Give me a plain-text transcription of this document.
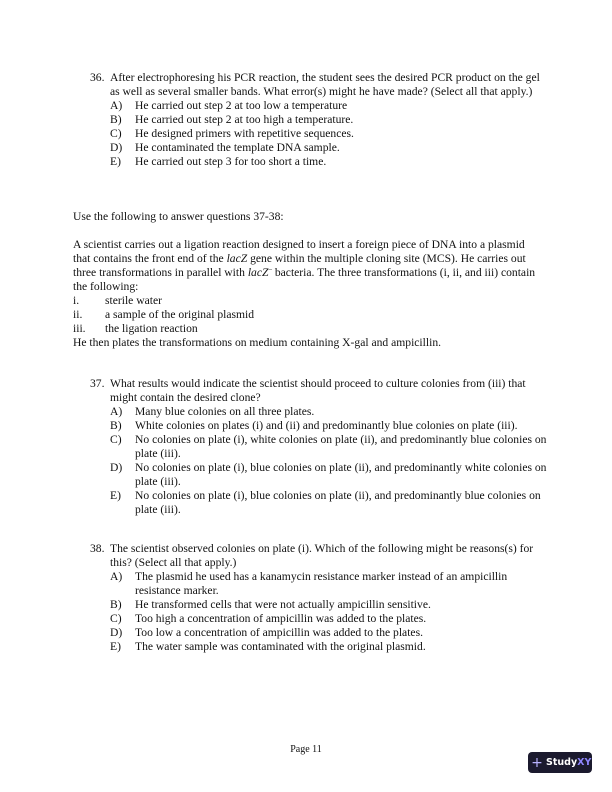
36. After electrophoresing his PCR reaction, the student sees the desired PCR product on the gel as well as several smaller bands. What error(s) might he have made? (Select all that apply.)
A)	He carried out step 2 at too low a temperature
B)	He carried out step 2 at too high a temperature.
C)	He designed primers with repetitive sequences.
D)	He contaminated the template DNA sample.
E)	He carried out step 3 for too short a time.
Use the following to answer questions 37-38:
A scientist carries out a ligation reaction designed to insert a foreign piece of DNA into a plasmid that contains the front end of the lacZ gene within the multiple cloning site (MCS). He carries out three transformations in parallel with lacZ– bacteria. The three transformations (i, ii, and iii) contain the following:
i.	sterile water
ii.	a sample of the original plasmid
iii.	the ligation reaction
He then plates the transformations on medium containing X-gal and ampicillin.
37. What results would indicate the scientist should proceed to culture colonies from (iii) that might contain the desired clone?
A)	Many blue colonies on all three plates.
B)	White colonies on plates (i) and (ii) and predominantly blue colonies on plate (iii).
C)	No colonies on plate (i), white colonies on plate (ii), and predominantly blue colonies on plate (iii).
D)	No colonies on plate (i), blue colonies on plate (ii), and predominantly white colonies on plate (iii).
E)	No colonies on plate (i), blue colonies on plate (ii), and predominantly blue colonies on plate (iii).
38. The scientist observed colonies on plate (i). Which of the following might be reasons(s) for this? (Select all that apply.)
A)	The plasmid he used has a kanamycin resistance marker instead of an ampicillin resistance marker.
B)	He transformed cells that were not actually ampicillin sensitive.
C)	Too high a concentration of ampicillin was added to the plates.
D)	Too low a concentration of ampicillin was added to the plates.
E)	The water sample was contaminated with the original plasmid.
Page 11
+ Study XY
